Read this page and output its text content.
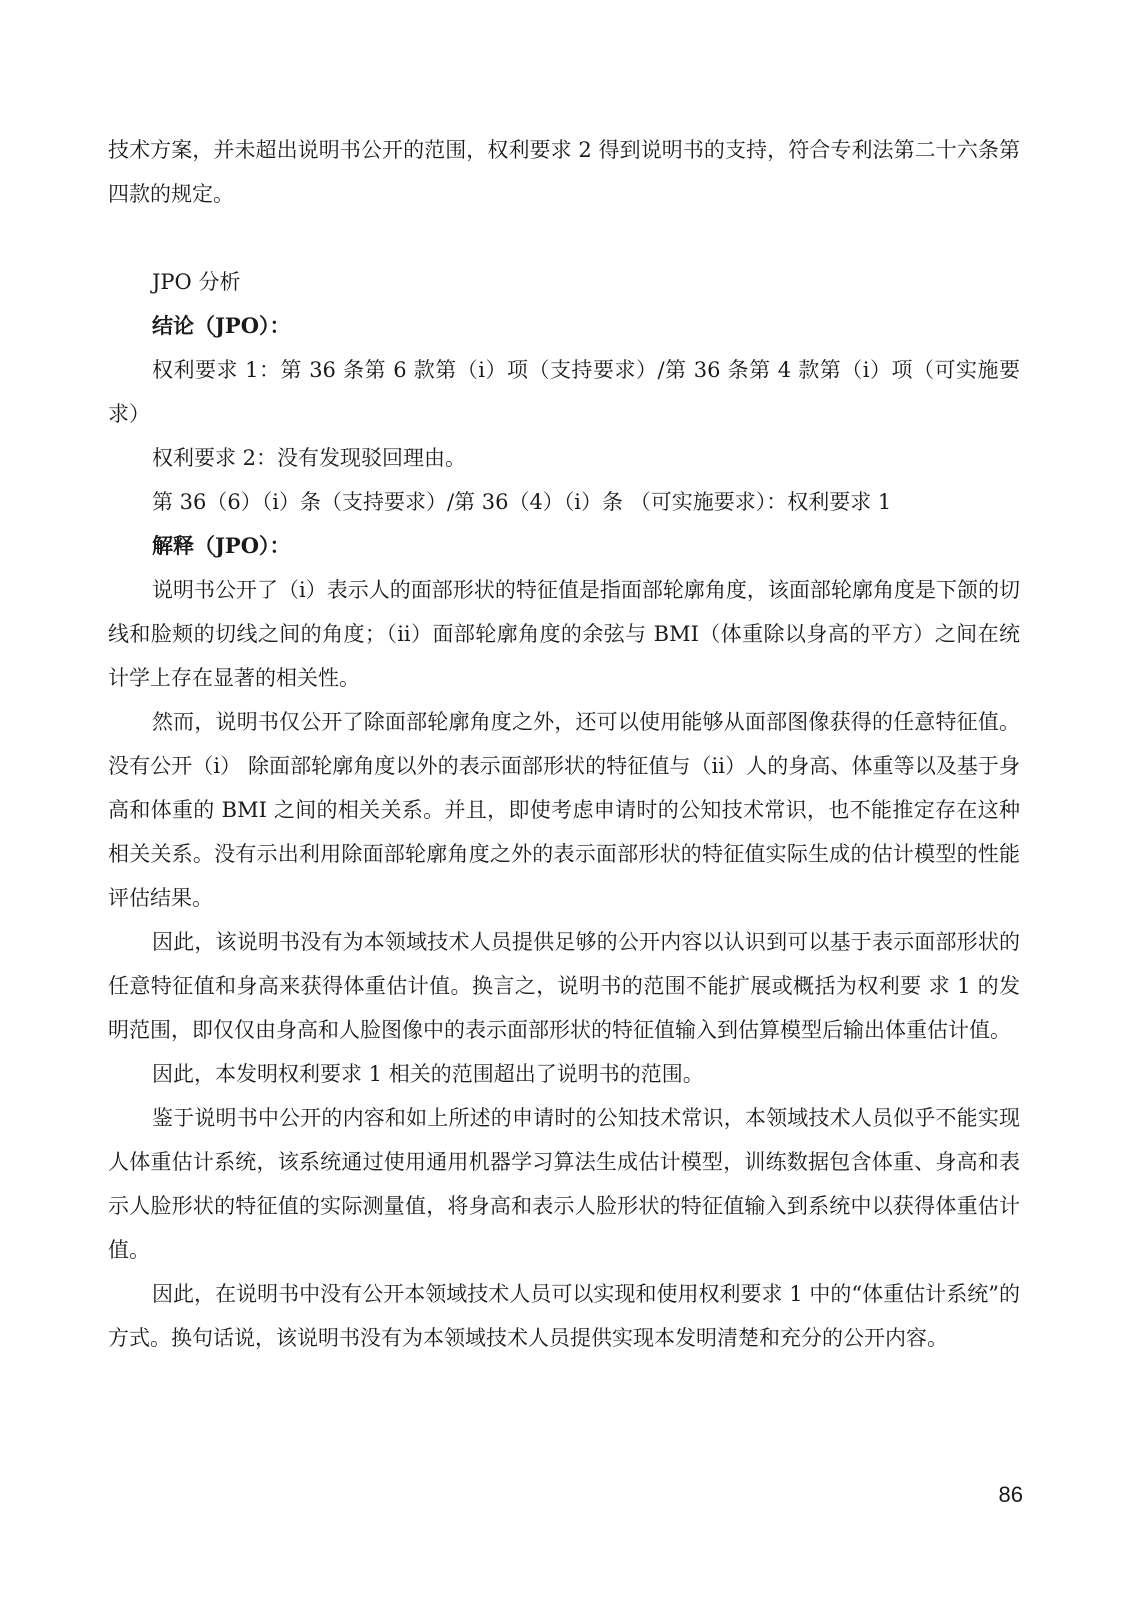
技术方案，并未超出说明书公开的范围，权利要求 2 得到说明书的支持，符合专利法第二十六条第四款的规定。

JPO 分析

结论（JPO）：

权利要求 1：第 36 条第 6 款第（i）项（支持要求）/第 36 条第 4 款第（i）项（可实施要求）

权利要求 2：没有发现驳回理由。

第 36（6）（i）条（支持要求）/第 36（4）（i）条 （可实施要求）：权利要求 1

解释（JPO）：

说明书公开了（i）表示人的面部形状的特征值是指面部轮廓角度，该面部轮廓角度是下颌的切线和脸颊的切线之间的角度；（ii）面部轮廓角度的余弦与 BMI（体重除以身高的平方）之间在统计学上存在显著的相关性。

然而，说明书仅公开了除面部轮廓角度之外，还可以使用能够从面部图像获得的任意特征值。没有公开（i） 除面部轮廓角度以外的表示面部形状的特征值与（ii）人的身高、体重等以及基于身高和体重的 BMI 之间的相关关系。并且，即使考虑申请时的公知技术常识，也不能推定存在这种相关关系。没有示出利用除面部轮廓角度之外的表示面部形状的特征值实际生成的估计模型的性能评估结果。

因此，该说明书没有为本领域技术人员提供足够的公开内容以认识到可以基于表示面部形状的任意特征值和身高来获得体重估计值。换言之，说明书的范围不能扩展或概括为权利要 求 1 的发明范围，即仅仅由身高和人脸图像中的表示面部形状的特征值输入到估算模型后输出体重估计值。

因此，本发明权利要求 1 相关的范围超出了说明书的范围。

鉴于说明书中公开的内容和如上所述的申请时的公知技术常识，本领域技术人员似乎不能实现人体重估计系统，该系统通过使用通用机器学习算法生成估计模型，训练数据包含体重、身高和表示人脸形状的特征值的实际测量值，将身高和表示人脸形状的特征值输入到系统中以获得体重估计值。

因此，在说明书中没有公开本领域技术人员可以实现和使用权利要求 1 中的“体重估计系统”的方式。换句话说，该说明书没有为本领域技术人员提供实现本发明清楚和充分的公开内容。

86
